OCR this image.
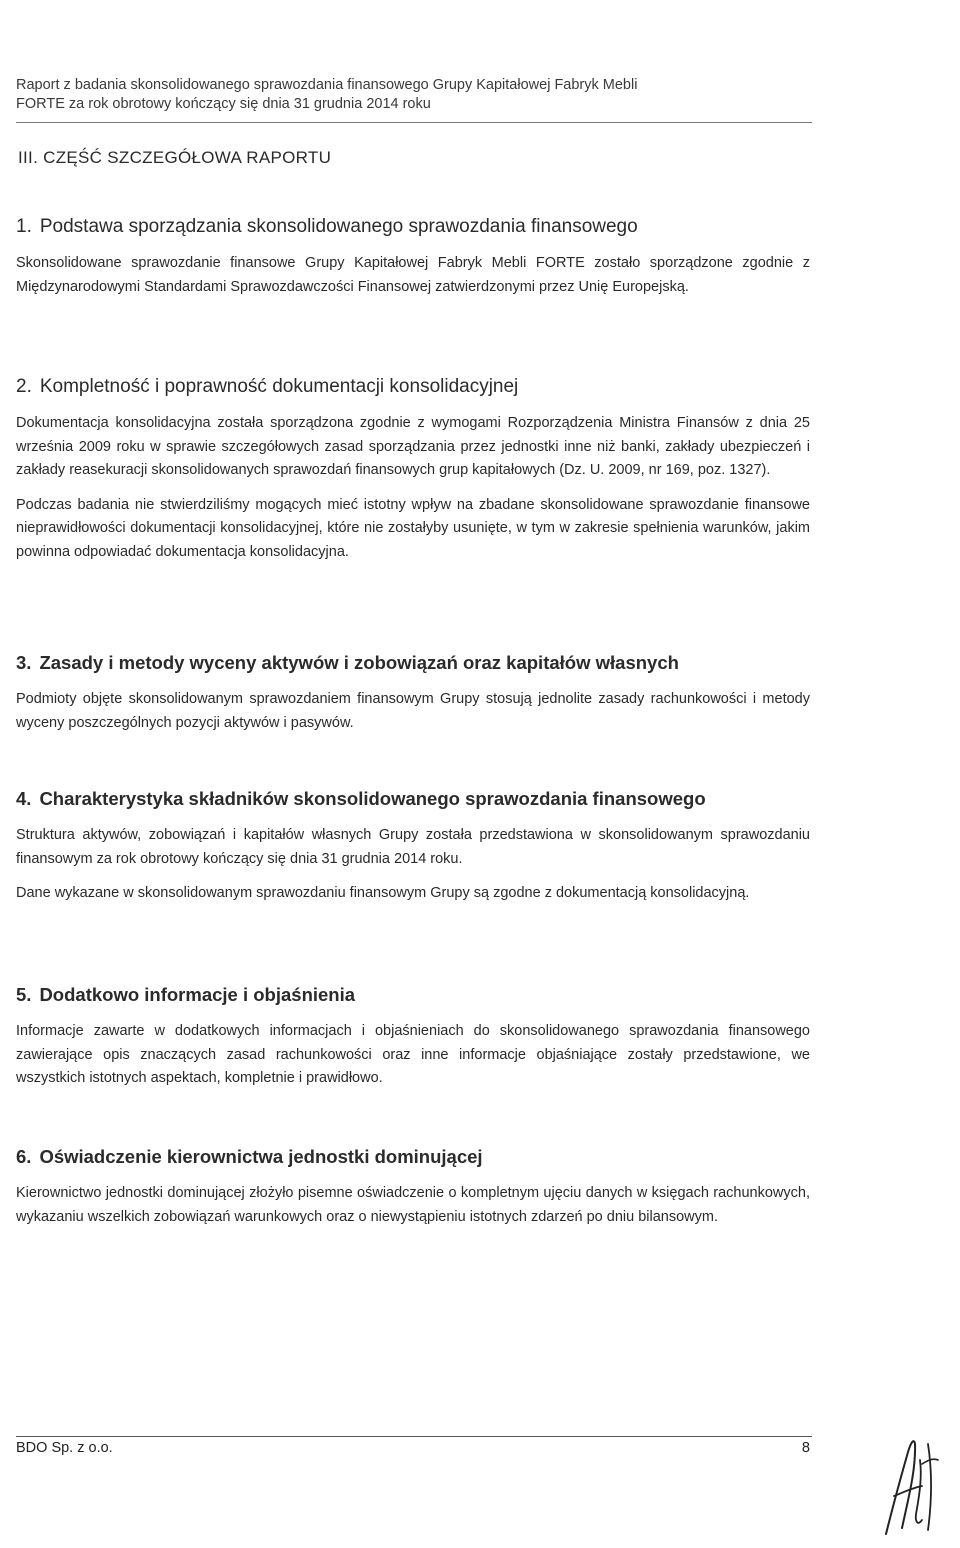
Raport z badania skonsolidowanego sprawozdania finansowego Grupy Kapitałowej Fabryk Mebli
FORTE za rok obrotowy kończący się dnia 31 grudnia 2014 roku
III. CZĘŚĆ SZCZEGÓŁOWA RAPORTU
1. Podstawa sporządzania skonsolidowanego sprawozdania finansowego

Skonsolidowane sprawozdanie finansowe Grupy Kapitałowej Fabryk Mebli FORTE zostało sporządzone zgodnie z Międzynarodowymi Standardami Sprawozdawczości Finansowej zatwierdzonymi przez Unię Europejską.

2. Kompletność i poprawność dokumentacji konsolidacyjnej

Dokumentacja konsolidacyjna została sporządzona zgodnie z wymogami Rozporządzenia Ministra Finansów z dnia 25 września 2009 roku w sprawie szczegółowych zasad sporządzania przez jednostki inne niż banki, zakłady ubezpieczeń i zakłady reasekuracji skonsolidowanych sprawozdań finansowych grup kapitałowych (Dz. U. 2009, nr 169, poz. 1327).

Podczas badania nie stwierdziliśmy mogących mieć istotny wpływ na zbadane skonsolidowane sprawozdanie finansowe nieprawidłowości dokumentacji konsolidacyjnej, które nie zostałyby usunięte, w tym w zakresie spełnienia warunków, jakim powinna odpowiadać dokumentacja konsolidacyjna.

3. Zasady i metody wyceny aktywów i zobowiązań oraz kapitałów własnych

Podmioty objęte skonsolidowanym sprawozdaniem finansowym Grupy stosują jednolite zasady rachunkowości i metody wyceny poszczególnych pozycji aktywów i pasywów.

4. Charakterystyka składników skonsolidowanego sprawozdania finansowego

Struktura aktywów, zobowiązań i kapitałów własnych Grupy została przedstawiona w skonsolidowanym sprawozdaniu finansowym za rok obrotowy kończący się dnia 31 grudnia 2014 roku.

Dane wykazane w skonsolidowanym sprawozdaniu finansowym Grupy są zgodne z dokumentacją konsolidacyjną.

5. Dodatkowo informacje i objaśnienia

Informacje zawarte w dodatkowych informacjach i objaśnieniach do skonsolidowanego sprawozdania finansowego zawierające opis znaczących zasad rachunkowości oraz inne informacje objaśniające zostały przedstawione, we wszystkich istotnych aspektach, kompletnie i prawidłowo.

6. Oświadczenie kierownictwa jednostki dominującej

Kierownictwo jednostki dominującej złożyło pisemne oświadczenie o kompletnym ujęciu danych w księgach rachunkowych, wykazaniu wszelkich zobowiązań warunkowych oraz o niewystąpieniu istotnych zdarzeń po dniu bilansowym.

BDO Sp. z o.o.	8
